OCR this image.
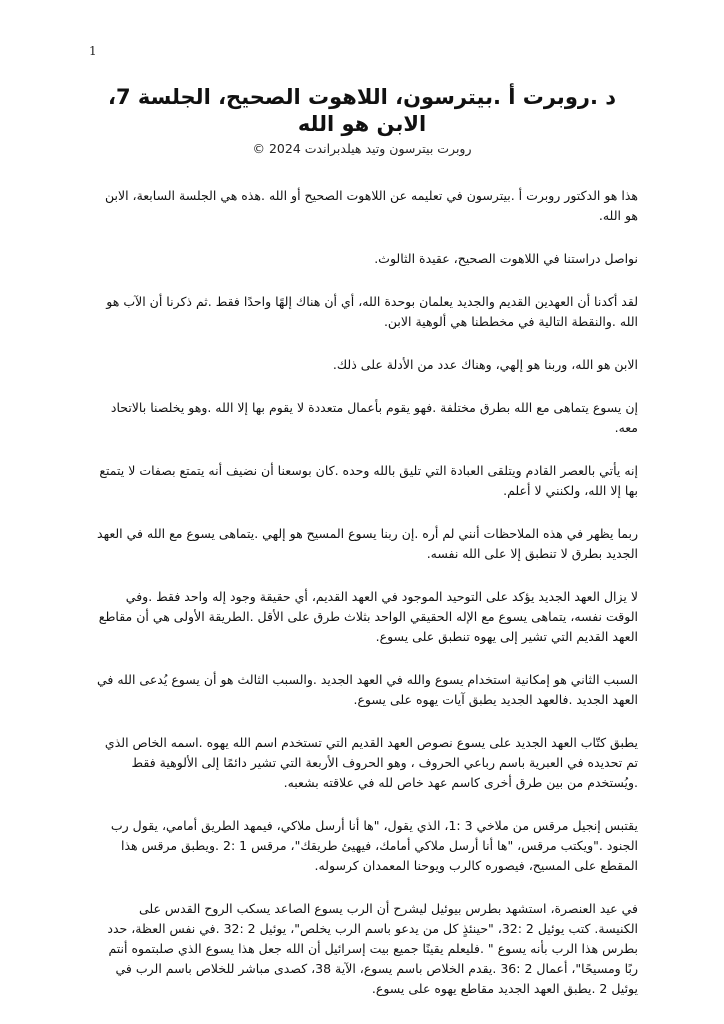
1
د .روبرت أ .بيترسون، اللاهوت الصحيح، الجلسة 7،
الابن هو الله
روبرت بيترسون وتيد هيلدبراندت 2024 ©

هذا هو الدكتور روبرت أ .بيترسون في تعليمه عن اللاهوت الصحيح أو الله .هذه هي الجلسة السابعة، الابن هو الله.

نواصل دراستنا في اللاهوت الصحيح، عقيدة الثالوث.

لقد أكدنا أن العهدين القديم والجديد يعلمان بوحدة الله، أي أن هناك إلهًا واحدًا فقط .ثم ذكرنا أن الآب هو الله .والنقطة التالية في مخططنا هي ألوهية الابن.

الابن هو الله، وربنا هو إلهي، وهناك عدد من الأدلة على ذلك.

إن يسوع يتماهى مع الله بطرق مختلفة .فهو يقوم بأعمال متعددة لا يقوم بها إلا الله .وهو يخلصنا بالاتحاد معه.

إنه يأتي بالعصر القادم ويتلقى العبادة التي تليق بالله وحده .كان بوسعنا أن نضيف أنه يتمتع بصفات لا يتمتع بها إلا الله، ولكنني لا أعلم.

ربما يظهر في هذه الملاحظات أنني لم أره .إن ربنا يسوع المسيح هو إلهي .يتماهى يسوع مع الله في العهد الجديد بطرق لا تنطبق إلا على الله نفسه.

لا يزال العهد الجديد يؤكد على التوحيد الموجود في العهد القديم، أي حقيقة وجود إله واحد فقط .وفي الوقت نفسه، يتماهى يسوع مع الإله الحقيقي الواحد بثلاث طرق على الأقل .الطريقة الأولى هي أن مقاطع العهد القديم التي تشير إلى يهوه تنطبق على يسوع.

السبب الثاني هو إمكانية استخدام يسوع والله في العهد الجديد .والسبب الثالث هو أن يسوع يُدعى الله في العهد الجديد .فالعهد الجديد يطبق آيات يهوه على يسوع.

يطبق كتّاب العهد الجديد على يسوع نصوص العهد القديم التي تستخدم اسم الله يهوه .اسمه الخاص الذي تم تحديده في العبرية باسم رباعي الحروف ، وهو الحروف الأربعة التي تشير دائمًا إلى الألوهية فقط .ويُستخدم من بين طرق أخرى كاسم عهد خاص لله في علاقته بشعبه.

يقتبس إنجيل مرقس من ملاخي 3 :1، الذي يقول، "ها أنا أرسل ملاكي، فيمهد الطريق أمامي، يقول رب الجنود ."ويكتب مرقس، "ها أنا أرسل ملاكي أمامك، فيهيئ طريقك"، مرقس 1 :2 .ويطبق مرقس هذا المقطع على المسيح، فيصوره كالرب ويوحنا المعمدان كرسوله.

في عيد العنصرة، استشهد بطرس بيوئيل ليشرح أن الرب يسوع الصاعد يسكب الروح القدس على الكنيسة. كتب يوئيل 2 :32، "حينئذٍ كل من يدعو باسم الرب يخلص"، يوئيل 2 :32 .في نفس العظة، حدد بطرس هذا الرب بأنه يسوع " .فليعلم يقينًا جميع بيت إسرائيل أن الله جعل هذا يسوع الذي صلبتموه أنتم ربًا ومسيحًا"، أعمال 2 :36 .يقدم الخلاص باسم يسوع، الآية 38، كصدى مباشر للخلاص باسم الرب في يوئيل 2 .يطبق العهد الجديد مقاطع يهوه على يسوع.
